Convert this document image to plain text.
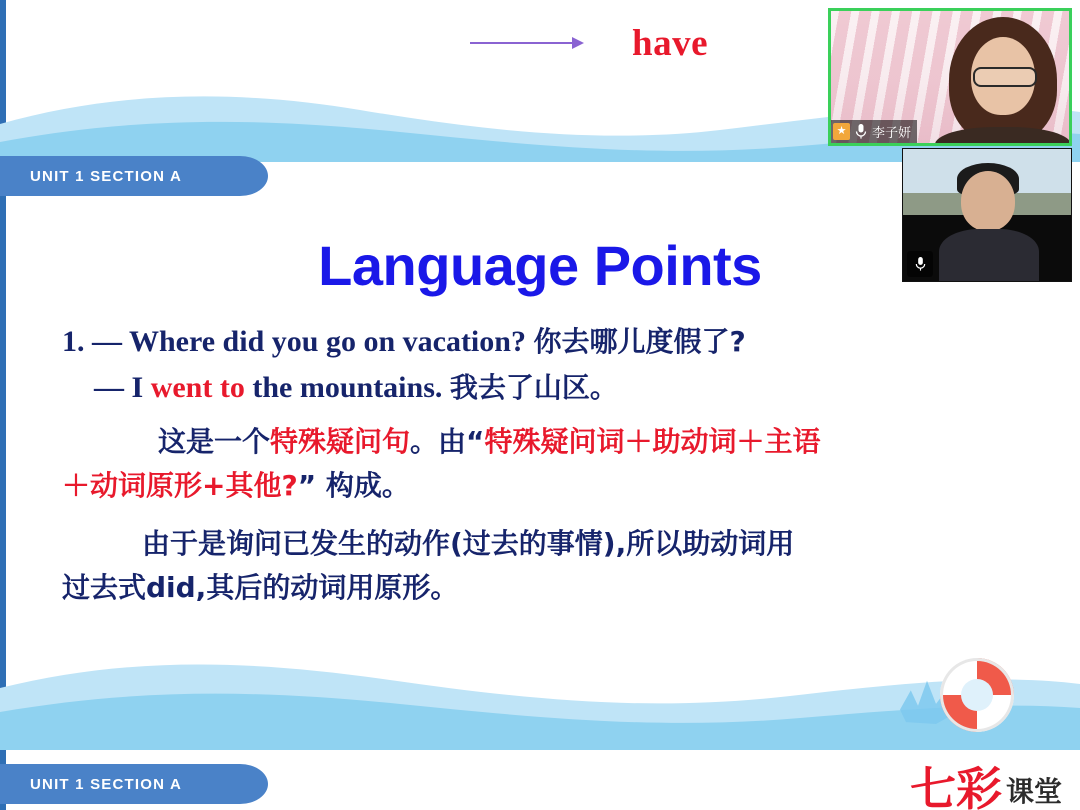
have
UNIT 1 SECTION A
Language Points

1. — Where did you go on vacation? 你去哪儿度假了?

— I went to the mountains. 我去了山区。

这是一个特殊疑问句。由“特殊疑问词＋助动词＋主语

＋动词原形+其他?” 构成。

由于是询问已发生的动作(过去的事情),所以助动词用

过去式did,其后的动词用原形。

七彩 课堂
UNIT 1 SECTION A
★ 李子妍
